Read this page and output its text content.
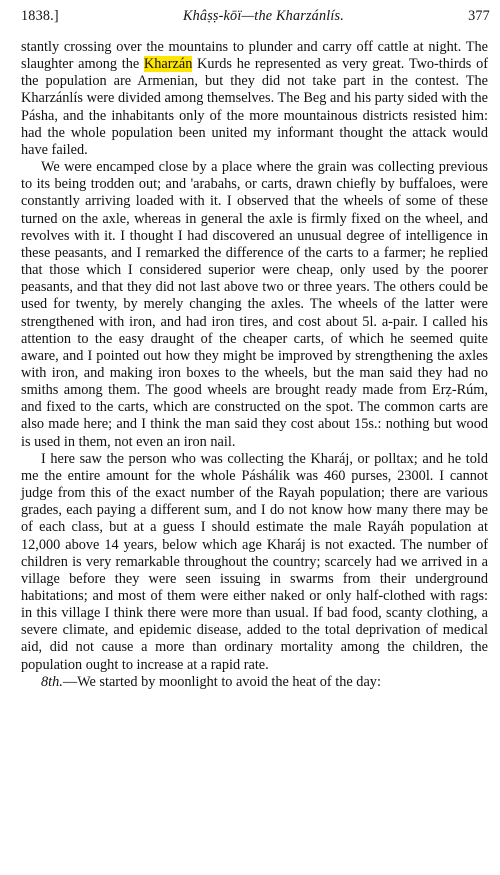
1838.]	Khâṣṣ-kōï—the Kharzánlís.	377

stantly crossing over the mountains to plunder and carry off cattle at night. The slaughter among the Kharzán Kurds he represented as very great. Two-thirds of the population are Armenian, but they did not take part in the contest. The Kharzánlís were divided among themselves. The Beg and his party sided with the Pásha, and the inhabitants only of the more mountainous districts resisted him: had the whole population been united my informant thought the attack would have failed.

We were encamped close by a place where the grain was collecting previous to its being trodden out; and 'arabahs, or carts, drawn chiefly by buffaloes, were constantly arriving loaded with it. I observed that the wheels of some of these turned on the axle, whereas in general the axle is firmly fixed on the wheel, and revolves with it. I thought I had discovered an unusual degree of intelligence in these peasants, and I remarked the difference of the carts to a farmer; he replied that those which I considered superior were cheap, only used by the poorer peasants, and that they did not last above two or three years. The others could be used for twenty, by merely changing the axles. The wheels of the latter were strengthened with iron, and had iron tires, and cost about 5l. a-pair. I called his attention to the easy draught of the cheaper carts, of which he seemed quite aware, and I pointed out how they might be improved by strengthening the axles with iron, and making iron boxes to the wheels, but the man said they had no smiths among them. The good wheels are brought ready made from Erẓ-Rúm, and fixed to the carts, which are constructed on the spot. The common carts are also made here; and I think the man said they cost about 15s.: nothing but wood is used in them, not even an iron nail.

I here saw the person who was collecting the Kharáj, or polltax; and he told me the entire amount for the whole Páshálik was 460 purses, 2300l. I cannot judge from this of the exact number of the Rayah population; there are various grades, each paying a different sum, and I do not know how many there may be of each class, but at a guess I should estimate the male Rayáh population at 12,000 above 14 years, below which age Kharáj is not exacted. The number of children is very remarkable throughout the country; scarcely had we arrived in a village before they were seen issuing in swarms from their underground habitations; and most of them were either naked or only half-clothed with rags: in this village I think there were more than usual. If bad food, scanty clothing, a severe climate, and epidemic disease, added to the total deprivation of medical aid, did not cause a more than ordinary mortality among the children, the population ought to increase at a rapid rate.

8th.—We started by moonlight to avoid the heat of the day:
